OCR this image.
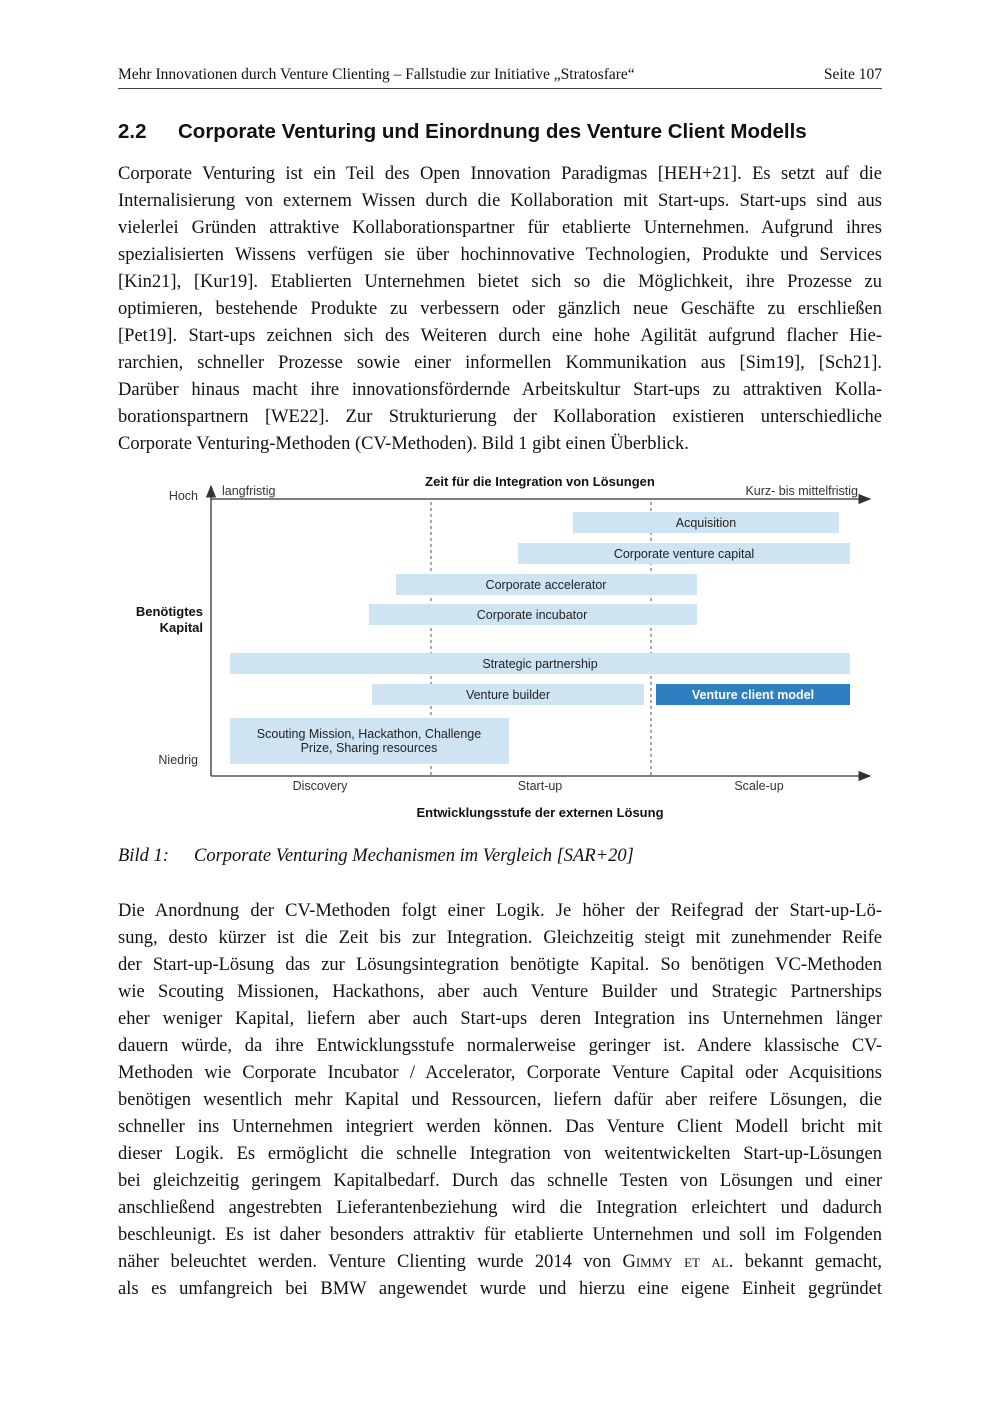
Mehr Innovationen durch Venture Clienting – Fallstudie zur Initiative „Stratosfare“	Seite 107
2.2 Corporate Venturing und Einordnung des Venture Client Modells
Corporate Venturing ist ein Teil des Open Innovation Paradigmas [HEH+21]. Es setzt auf die
Internalisierung von externem Wissen durch die Kollaboration mit Start-ups. Start-ups sind aus
vielerlei Gründen attraktive Kollaborationspartner für etablierte Unternehmen. Aufgrund ihres
spezialisierten Wissens verfügen sie über hochinnovative Technologien, Produkte und Services
[Kin21], [Kur19]. Etablierten Unternehmen bietet sich so die Möglichkeit, ihre Prozesse zu
optimieren, bestehende Produkte zu verbessern oder gänzlich neue Geschäfte zu erschließen
[Pet19]. Start-ups zeichnen sich des Weiteren durch eine hohe Agilität aufgrund flacher Hie-
rarchien, schneller Prozesse sowie einer informellen Kommunikation aus [Sim19], [Sch21].
Darüber hinaus macht ihre innovationsfördernde Arbeitskultur Start-ups zu attraktiven Kolla-
borationspartnern [WE22]. Zur Strukturierung der Kollaboration existieren unterschiedliche
Corporate Venturing-Methoden (CV-Methoden). Bild 1 gibt einen Überblick.
Acquisition
Corporate venture capital
Corporate accelerator
Corporate incubator
Strategic partnership
Venture builder	Venture client model
Scouting Mission, Hackathon, Challenge
Prize, Sharing resources
Zeit für die Integration von Lösungen
langfristig	Kurz- bis mittelfristig
Hoch
Niedrig
Benötigtes
Kapital
Discovery	Start-up	Scale-up
Entwicklungsstufe der externen Lösung
Bild 1: Corporate Venturing Mechanismen im Vergleich [SAR+20]
Die Anordnung der CV-Methoden folgt einer Logik. Je höher der Reifegrad der Start-up-Lö-
sung, desto kürzer ist die Zeit bis zur Integration. Gleichzeitig steigt mit zunehmender Reife
der Start-up-Lösung das zur Lösungsintegration benötigte Kapital. So benötigen VC-Methoden
wie Scouting Missionen, Hackathons, aber auch Venture Builder und Strategic Partnerships
eher weniger Kapital, liefern aber auch Start-ups deren Integration ins Unternehmen länger
dauern würde, da ihre Entwicklungsstufe normalerweise geringer ist. Andere klassische CV-
Methoden wie Corporate Incubator / Accelerator, Corporate Venture Capital oder Acquisitions
benötigen wesentlich mehr Kapital und Ressourcen, liefern dafür aber reifere Lösungen, die
schneller ins Unternehmen integriert werden können. Das Venture Client Modell bricht mit
dieser Logik. Es ermöglicht die schnelle Integration von weitentwickelten Start-up-Lösungen
bei gleichzeitig geringem Kapitalbedarf. Durch das schnelle Testen von Lösungen und einer
anschließend angestrebten Lieferantenbeziehung wird die Integration erleichtert und dadurch
beschleunigt. Es ist daher besonders attraktiv für etablierte Unternehmen und soll im Folgenden
näher beleuchtet werden. Venture Clienting wurde 2014 von Gimmy et al. bekannt gemacht,
als es umfangreich bei BMW angewendet wurde und hierzu eine eigene Einheit gegründet
